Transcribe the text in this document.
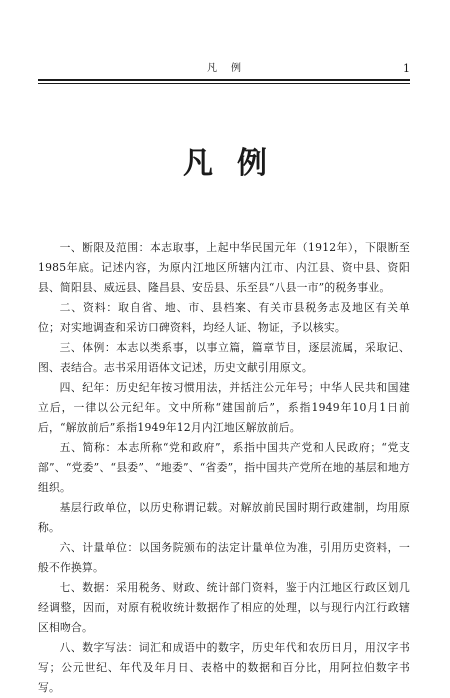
凡例	1
凡例

一、断限及范围：本志取事，上起中华民国元年（1912年），下限断至1985年底。记述内容，为原内江地区所辖内江市、内江县、资中县、资阳县、简阳县、威远县、隆昌县、安岳县、乐至县“八县一市”的税务事业。

二、资料：取自省、地、市、县档案、有关市县税务志及地区有关单位；对实地调查和采访口碑资料，均经人证、物证，予以核实。

三、体例：本志以类系事，以事立篇，篇章节目，逐层流属，采取记、图、表结合。志书采用语体文记述，历史文献引用原文。

四、纪年：历史纪年按习惯用法，并括注公元年号；中华人民共和国建立后，一律以公元纪年。文中所称“建国前后”，系指1949年10月1日前后，“解放前后”系指1949年12月内江地区解放前后。

五、简称：本志所称“党和政府”，系指中国共产党和人民政府；“党支部”、“党委”、“县委”、“地委”、“省委”，指中国共产党所在地的基层和地方组织。

基层行政单位，以历史称谓记载。对解放前民国时期行政建制，均用原称。

六、计量单位：以国务院颁布的法定计量单位为准，引用历史资料，一般不作换算。

七、数据：采用税务、财政、统计部门资料，鉴于内江地区行政区划几经调整，因而，对原有税收统计数据作了相应的处理，以与现行内江行政辖区相吻合。

八、数字写法：词汇和成语中的数字，历史年代和农历日月，用汉字书写；公元世纪、年代及年月日、表格中的数据和百分比，用阿拉伯数字书写。
